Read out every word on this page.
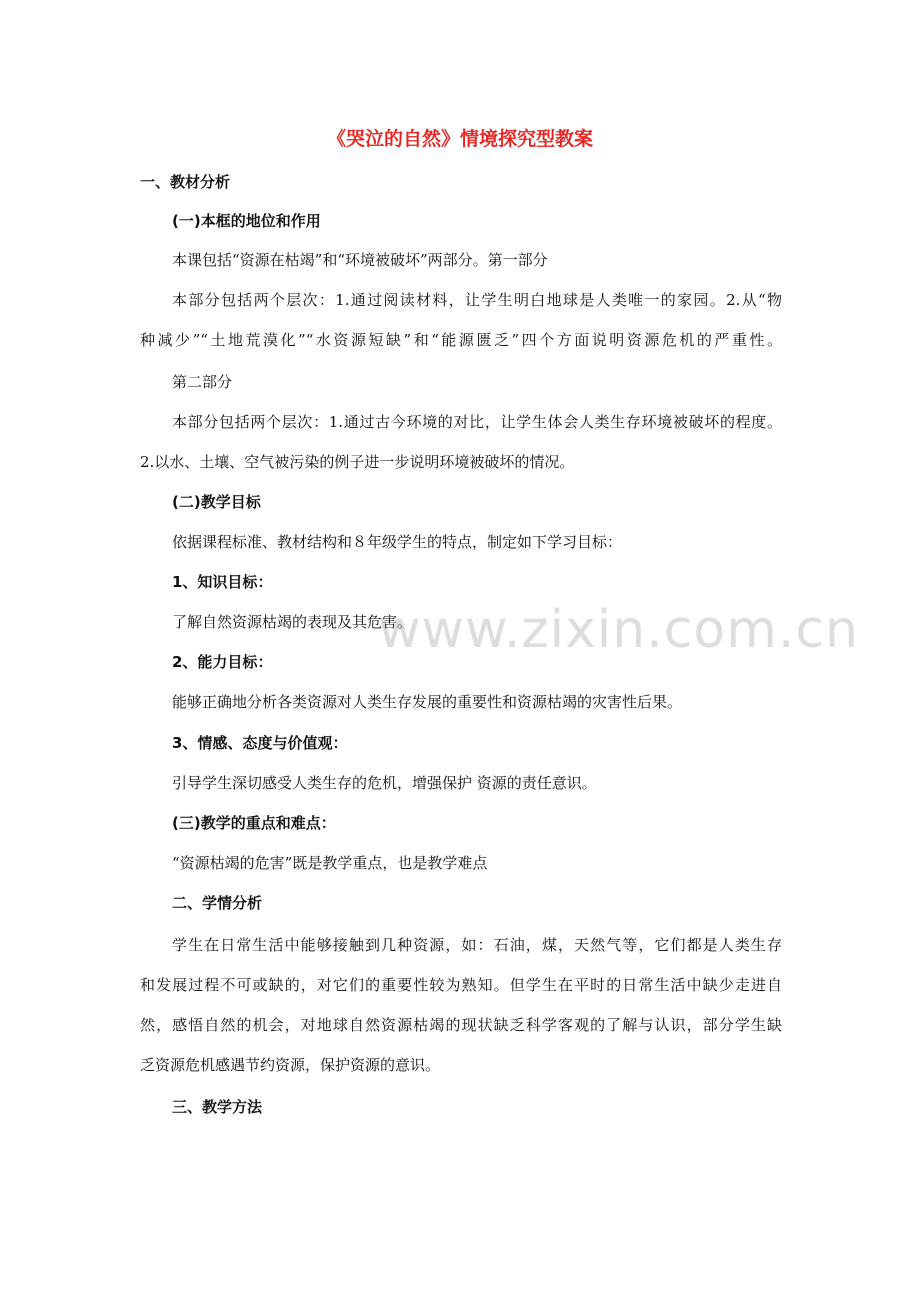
www.zixin.com.cn
《哭泣的自然》情境探究型教案
一、教材分析
(一)本框的地位和作用
本课包括“资源在枯竭”和“环境被破坏”两部分。第一部分
本部分包括两个层次：1.通过阅读材料，让学生明白地球是人类唯一的家园。2.从“物
种减少”“土地荒漠化”“水资源短缺”和“能源匮乏”四个方面说明资源危机的严重性。
第二部分
本部分包括两个层次：1.通过古今环境的对比，让学生体会人类生存环境被破坏的程度。
2.以水、土壤、空气被污染的例子进一步说明环境被破坏的情况。
(二)教学目标
依据课程标准、教材结构和８年级学生的特点，制定如下学习目标：
1、知识目标：
了解自然资源枯竭的表现及其危害。
2、能力目标：
能够正确地分析各类资源对人类生存发展的重要性和资源枯竭的灾害性后果。
3、情感、态度与价值观：
引导学生深切感受人类生存的危机，增强保护 资源的责任意识。
(三)教学的重点和难点：
“资源枯竭的危害”既是教学重点，也是教学难点
二、学情分析
学生在日常生活中能够接触到几种资源，如：石油，煤，天然气等，它们都是人类生存
和发展过程不可或缺的，对它们的重要性较为熟知。但学生在平时的日常生活中缺少走进自
然，感悟自然的机会，对地球自然资源枯竭的现状缺乏科学客观的了解与认识，部分学生缺
乏资源危机感遇节约资源，保护资源的意识。
三、教学方法
